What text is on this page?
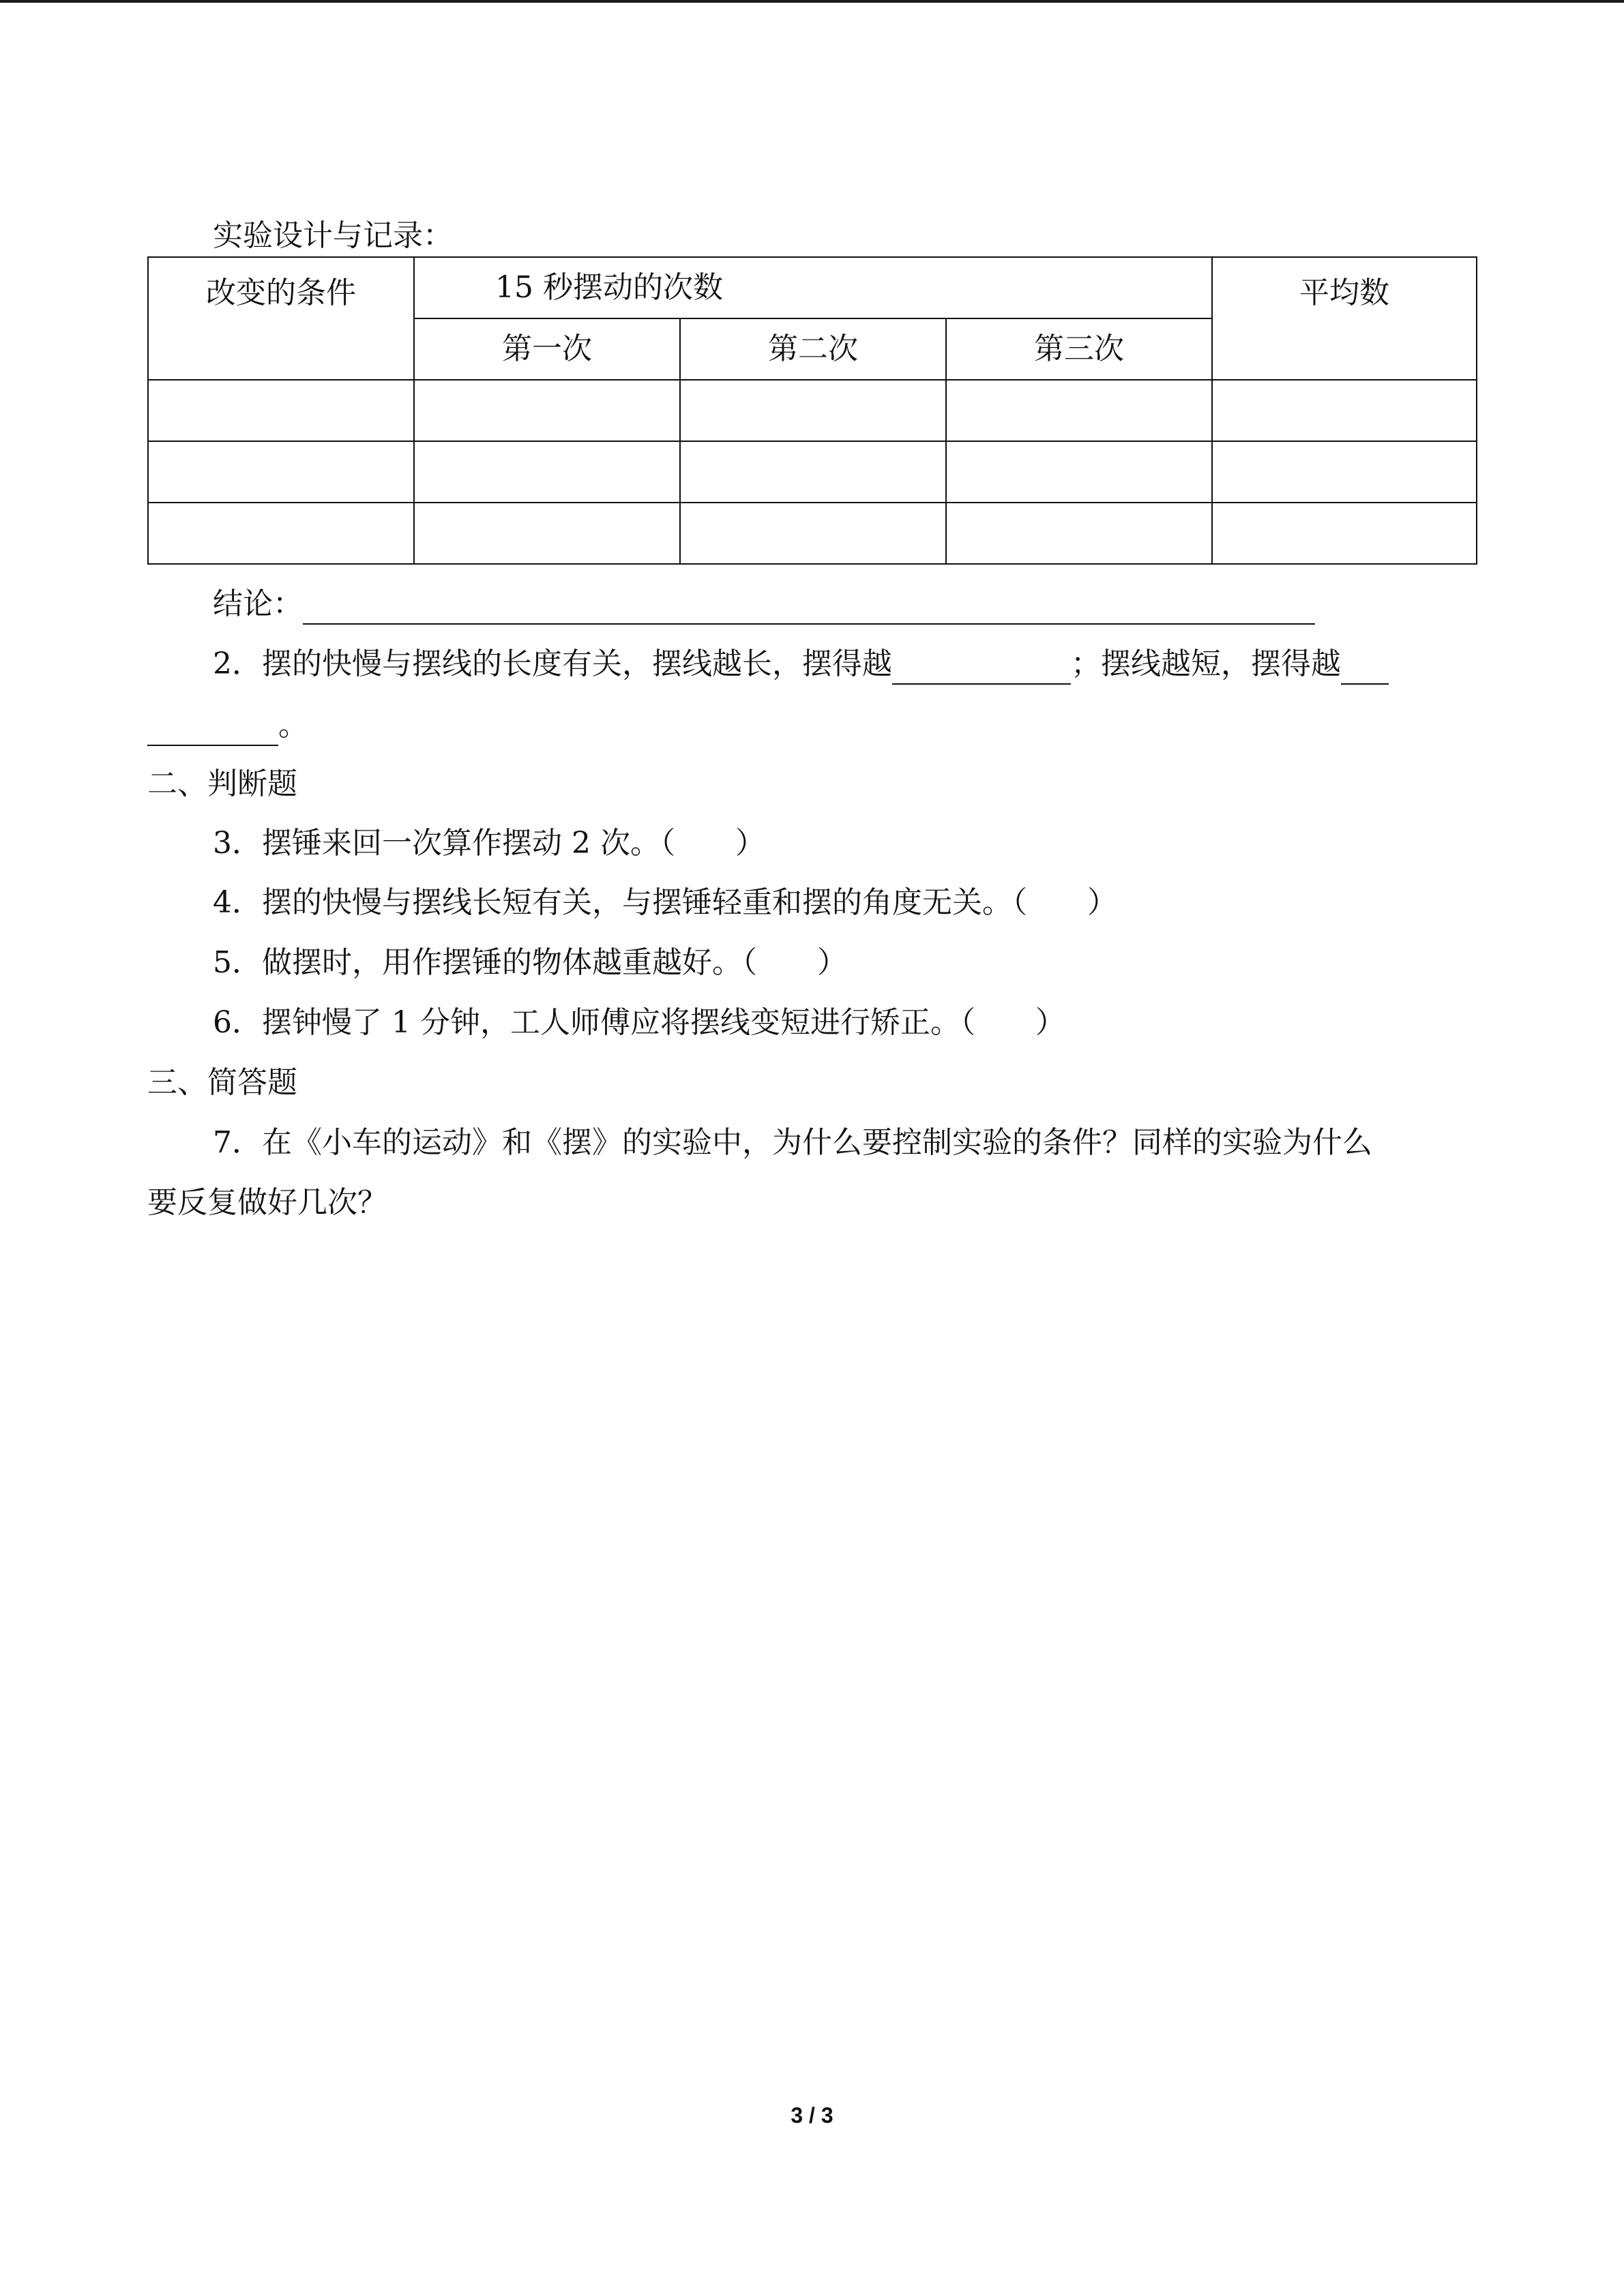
实验设计与记录：
改变的条件	15 秒摆动的次数			平均数

	第一次	第二次	第三次	

结论：
2．摆的快慢与摆线的长度有关，摆线越长，摆得越	；摆线越短，摆得越
。
二、判断题
3．摆锤来回一次算作摆动 2 次。（　　）
4．摆的快慢与摆线长短有关，与摆锤轻重和摆的角度无关。（　　）
5．做摆时，用作摆锤的物体越重越好。（　　）
6．摆钟慢了 1 分钟，工人师傅应将摆线变短进行矫正。（　　）
三、简答题
7．在《小车的运动》和《摆》的实验中，为什么要控制实验的条件？同样的实验为什么
要反复做好几次？
3 / 3
